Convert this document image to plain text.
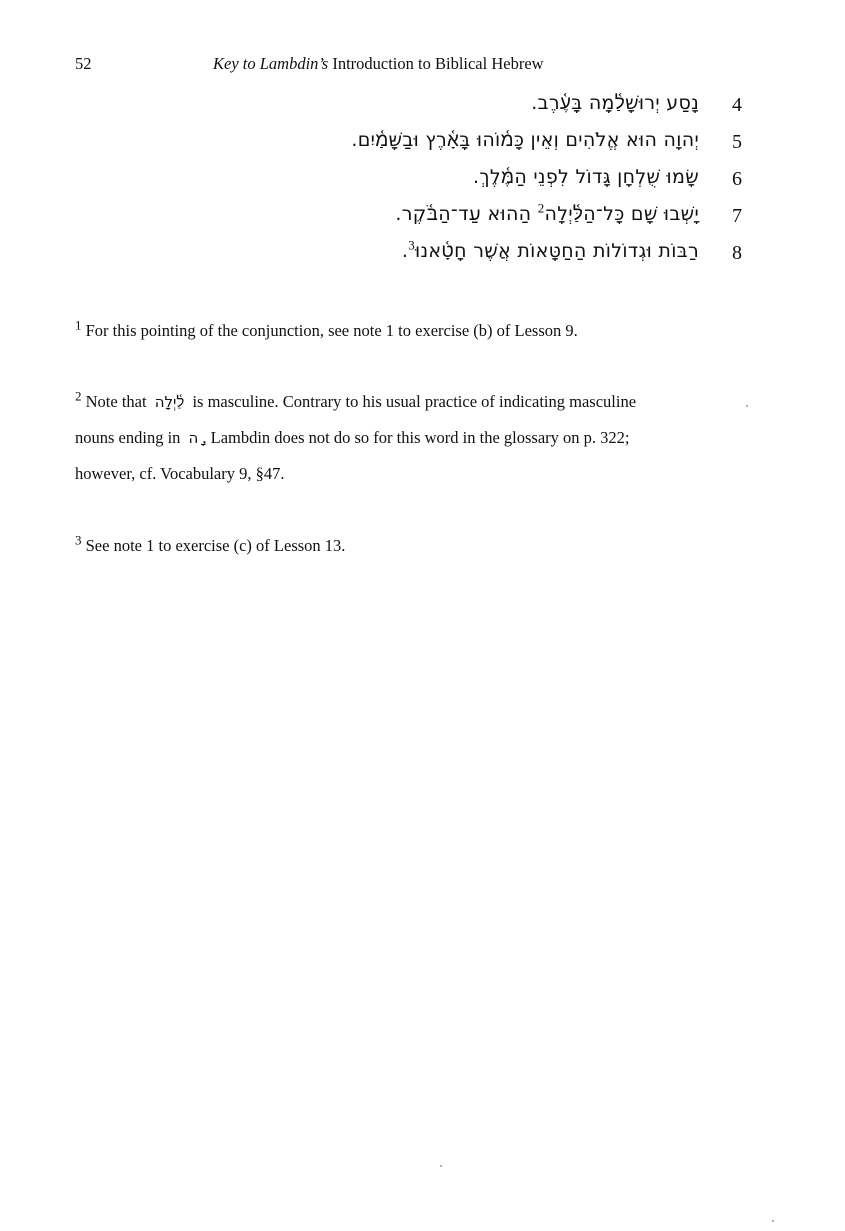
52	Key to Lambdin’s Introduction to Biblical Hebrew
נָסַע יְרוּשָׁלַ֫מָה בָּעֶ֫רֶב. 4
יְהוָה הוּא אֱלֹהִים וְאֵין כָּמ֫וֹהוּ בָּאָ֫רֶץ וּבַשָּׁמַ֫יִם. 5
שָׂמוּ שֻׁלְחָן גָּדוֹל לִפְנֵי הַמֶּ֫לֶךְ. 6
יָשְׁבוּ שָׁם כָּל־הַלַּ֫יְלָה$^2$ הַהוּא עַד־הַבֹּ֫קֶר.	7
רַבּוֹת וּגְדוֹלוֹת הַחַטָּאוֹת אֲשֶׁר חָטָ֫אנוּ$^3$.	8

$^1$ For this pointing of the conjunction, see note 1 to exercise (b) of Lesson 9.

$^2$ Note that לַ֫יְלָה is masculine. Contrary to his usual practice of indicating masculine
nouns ending in ָה , Lambdin does not do so for this word in the glossary on p. 322;
however, cf. Vocabulary 9, §47.

$^3$ See note 1 to exercise (c) of Lesson 13.
